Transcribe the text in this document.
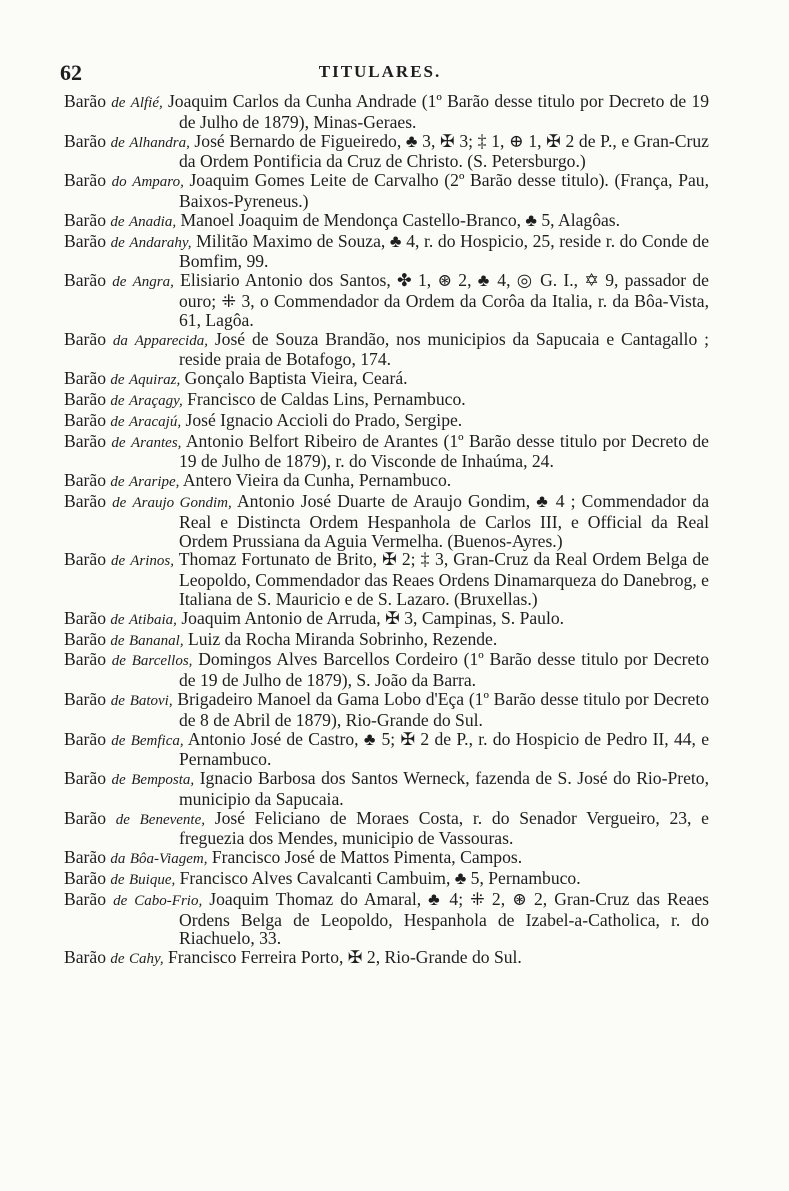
62	TITULARES.

Barão de Alfié, Joaquim Carlos da Cunha Andrade (1º Barão desse titulo por Decreto de 19 de Julho de 1879), Minas-Geraes.

Barão de Alhandra, José Bernardo de Figueiredo, ♣ 3, ✠ 3; ‡ 1, ⊕ 1, ✠ 2 de P., e Gran-Cruz da Ordem Pontificia da Cruz de Christo. (S. Petersburgo.)

Barão do Amparo, Joaquim Gomes Leite de Carvalho (2º Barão desse titulo). (França, Pau, Baixos-Pyreneus.)

Barão de Anadia, Manoel Joaquim de Mendonça Castello-Branco, ♣ 5, Alagôas.

Barão de Andarahy, Militão Maximo de Souza, ♣ 4, r. do Hospicio, 25, reside r. do Conde de Bomfim, 99.

Barão de Angra, Elisiario Antonio dos Santos, ✤ 1, ⊛ 2, ♣ 4, ◎ G. I., ✡ 9, passador de ouro; ⁜ 3, o Commendador da Ordem da Corôa da Italia, r. da Bôa-Vista, 61, Lagôa.

Barão da Apparecida, José de Souza Brandão, nos municipios da Sapucaia e Cantagallo ; reside praia de Botafogo, 174.

Barão de Aquiraz, Gonçalo Baptista Vieira, Ceará.

Barão de Araçagy, Francisco de Caldas Lins, Pernambuco.

Barão de Aracajú, José Ignacio Accioli do Prado, Sergipe.

Barão de Arantes, Antonio Belfort Ribeiro de Arantes (1º Barão desse titulo por Decreto de 19 de Julho de 1879), r. do Visconde de Inhaúma, 24.

Barão de Araripe, Antero Vieira da Cunha, Pernambuco.

Barão de Araujo Gondim, Antonio José Duarte de Araujo Gondim, ♣ 4 ; Commendador da Real e Distincta Ordem Hespanhola de Carlos III, e Official da Real Ordem Prussiana da Aguia Vermelha. (Buenos-Ayres.)

Barão de Arinos, Thomaz Fortunato de Brito, ✠ 2; ‡ 3, Gran-Cruz da Real Ordem Belga de Leopoldo, Commendador das Reaes Ordens Dinamarqueza do Danebrog, e Italiana de S. Mauricio e de S. Lazaro. (Bruxellas.)

Barão de Atibaia, Joaquim Antonio de Arruda, ✠ 3, Campinas, S. Paulo.

Barão de Bananal, Luiz da Rocha Miranda Sobrinho, Rezende.

Barão de Barcellos, Domingos Alves Barcellos Cordeiro (1º Barão desse titulo por Decreto de 19 de Julho de 1879), S. João da Barra.

Barão de Batovi, Brigadeiro Manoel da Gama Lobo d'Eça (1º Barão desse titulo por Decreto de 8 de Abril de 1879), Rio-Grande do Sul.

Barão de Bemfica, Antonio José de Castro, ♣ 5; ✠ 2 de P., r. do Hospicio de Pedro II, 44, e Pernambuco.

Barão de Bemposta, Ignacio Barbosa dos Santos Werneck, fazenda de S. José do Rio-Preto, municipio da Sapucaia.

Barão de Benevente, José Feliciano de Moraes Costa, r. do Senador Vergueiro, 23, e freguezia dos Mendes, municipio de Vassouras.

Barão da Bôa-Viagem, Francisco José de Mattos Pimenta, Campos.

Barão de Buique, Francisco Alves Cavalcanti Cambuim, ♣ 5, Pernambuco.

Barão de Cabo-Frio, Joaquim Thomaz do Amaral, ♣ 4; ⁜ 2, ⊛ 2, Gran-Cruz das Reaes Ordens Belga de Leopoldo, Hespanhola de Izabel-a-Catholica, r. do Riachuelo, 33.

Barão de Cahy, Francisco Ferreira Porto, ✠ 2, Rio-Grande do Sul.
